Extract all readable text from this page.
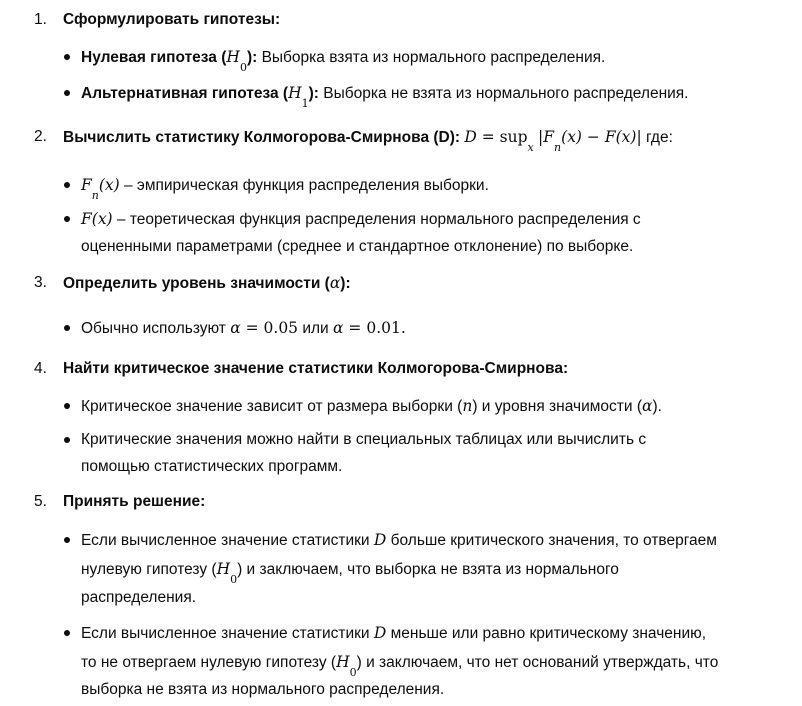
1. Сформулировать гипотезы:
Нулевая гипотеза $(H_0)$: Выборка взята из нормального распределения.
Альтернативная гипотеза $(H_1)$: Выборка не взята из нормального распределения.
2. Вычислить статистику Колмогорова-Смирнова (D): D = sup$_x$ $|F_n(x) - F(x)|$ где:
$F_n(x)$ – эмпирическая функция распределения выборки.
F(x) – теоретическая функция распределения нормального распределения с
оцененными параметрами (среднее и стандартное отклонение) по выборке.
3. Определить уровень значимости (α):
Обычно используют α = 0.05 или α = 0.01.
4. Найти критическое значение статистики Колмогорова-Смирнова:
Критическое значение зависит от размера выборки (n) и уровня значимости (α).
Критические значения можно найти в специальных таблицах или вычислить с
помощью статистических программ.
5. Принять решение:
Если вычисленное значение статистики D больше критического значения, то отвергаем
нулевую гипотезу $(H_0)$ и заключаем, что выборка не взята из нормального
распределения.
Если вычисленное значение статистики D меньше или равно критическому значению,
то не отвергаем нулевую гипотезу $(H_0)$ и заключаем, что нет оснований утверждать, что
выборка не взята из нормального распределения.
